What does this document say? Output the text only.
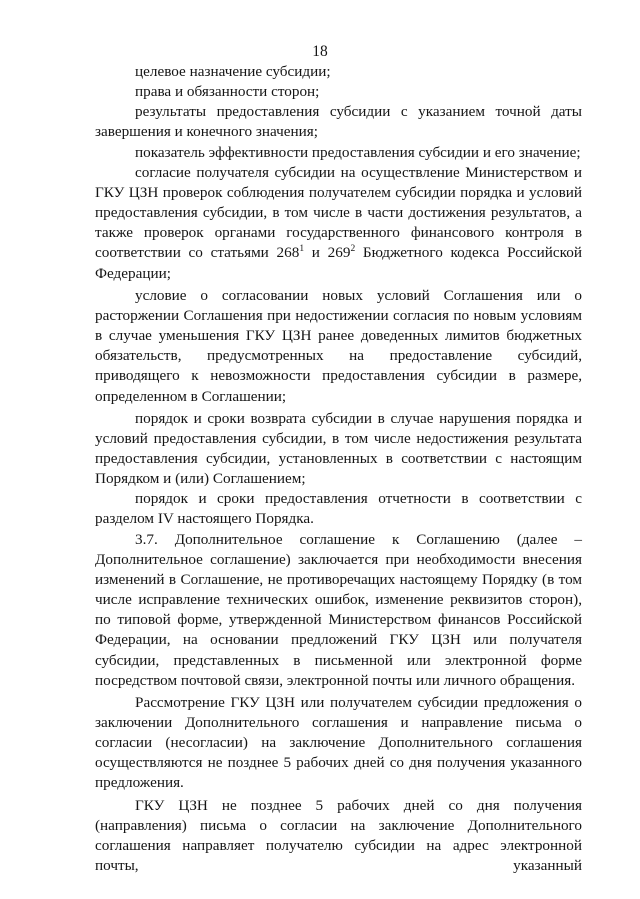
18

целевое назначение субсидии;

права и обязанности сторон;

результаты предоставления субсидии с указанием точной даты завершения и конечного значения;

показатель эффективности предоставления субсидии и его значение;

согласие получателя субсидии на осуществление Министерством и ГКУ ЦЗН проверок соблюдения получателем субсидии порядка и условий предоставления субсидии, в том числе в части достижения результатов, а также проверок органами государственного финансового контроля в соответствии со статьями $268^1$ и $269^2$ Бюджетного кодекса Российской Федерации;

условие о согласовании новых условий Соглашения или о расторжении Соглашения при недостижении согласия по новым условиям в случае уменьшения ГКУ ЦЗН ранее доведенных лимитов бюджетных обязательств, предусмотренных на предоставление субсидий, приводящего к невозможности предоставления субсидии в размере, определенном в Соглашении;

порядок и сроки возврата субсидии в случае нарушения порядка и условий предоставления субсидии, в том числе недостижения результата предоставления субсидии, установленных в соответствии с настоящим Порядком и (или) Соглашением;

порядок и сроки предоставления отчетности в соответствии с разделом IV настоящего Порядка.

3.7. Дополнительное соглашение к Соглашению (далее – Дополнительное соглашение) заключается при необходимости внесения изменений в Соглашение, не противоречащих настоящему Порядку (в том числе исправление технических ошибок, изменение реквизитов сторон), по типовой форме, утвержденной Министерством финансов Российской Федерации, на основании предложений ГКУ ЦЗН или получателя субсидии, представленных в письменной или электронной форме посредством почтовой связи, электронной почты или личного обращения.

Рассмотрение ГКУ ЦЗН или получателем субсидии предложения о заключении Дополнительного соглашения и направление письма о согласии (несогласии) на заключение Дополнительного соглашения осуществляются не позднее 5 рабочих дней со дня получения указанного предложения.

ГКУ ЦЗН не позднее 5 рабочих дней со дня получения (направления) письма о согласии на заключение Дополнительного соглашения направляет получателю субсидии на адрес электронной почты, указанный
